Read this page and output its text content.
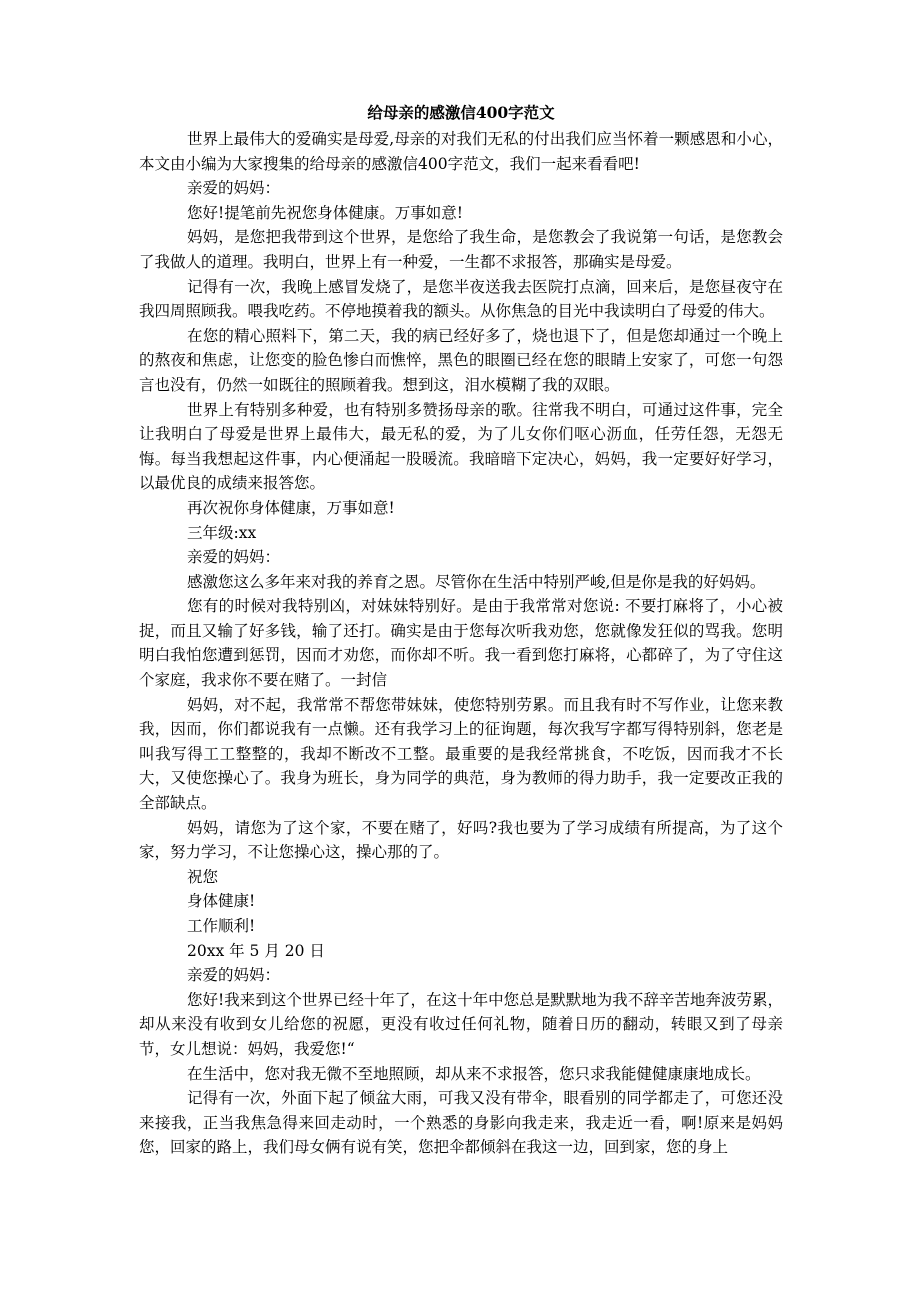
给母亲的感激信400字范文

世界上最伟大的爱确实是母爱,母亲的对我们无私的付出我们应当怀着一颗感恩和小心，本文由小编为大家搜集的给母亲的感激信400字范文，我们一起来看看吧!

亲爱的妈妈：

您好!提笔前先祝您身体健康。万事如意!

妈妈，是您把我带到这个世界，是您给了我生命，是您教会了我说第一句话，是您教会了我做人的道理。我明白，世界上有一种爱，一生都不求报答，那确实是母爱。

记得有一次，我晚上感冒发烧了，是您半夜送我去医院打点滴，回来后，是您昼夜守在我四周照顾我。喂我吃药。不停地摸着我的额头。从你焦急的目光中我读明白了母爱的伟大。

在您的精心照料下，第二天，我的病已经好多了，烧也退下了，但是您却通过一个晚上的熬夜和焦虑，让您变的脸色惨白而憔悴，黑色的眼圈已经在您的眼睛上安家了，可您一句怨言也没有，仍然一如既往的照顾着我。想到这，泪水模糊了我的双眼。

世界上有特别多种爱，也有特别多赞扬母亲的歌。往常我不明白，可通过这件事，完全让我明白了母爱是世界上最伟大，最无私的爱，为了儿女你们呕心沥血，任劳任怨，无怨无悔。每当我想起这件事，内心便涌起一股暖流。我暗暗下定决心，妈妈，我一定要好好学习，以最优良的成绩来报答您。

再次祝你身体健康，万事如意!

三年级:xx

亲爱的妈妈：

感激您这么多年来对我的养育之恩。尽管你在生活中特别严峻,但是你是我的好妈妈。

您有的时候对我特别凶，对妹妹特别好。是由于我常常对您说: 不要打麻将了，小心被捉，而且又输了好多钱，输了还打。确实是由于您每次听我劝您，您就像发狂似的骂我。您明明白我怕您遭到惩罚，因而才劝您，而你却不听。我一看到您打麻将，心都碎了，为了守住这个家庭，我求你不要在赌了。一封信

妈妈，对不起，我常常不帮您带妹妹，使您特别劳累。而且我有时不写作业，让您来教我，因而，你们都说我有一点懒。还有我学习上的征询题，每次我写字都写得特别斜，您老是叫我写得工工整整的，我却不断改不工整。最重要的是我经常挑食，不吃饭，因而我才不长大，又使您操心了。我身为班长，身为同学的典范，身为教师的得力助手，我一定要改正我的全部缺点。

妈妈，请您为了这个家，不要在赌了，好吗?我也要为了学习成绩有所提高，为了这个家，努力学习，不让您操心这，操心那的了。

祝您

身体健康!

工作顺利!

20xx 年 5 月 20 日

亲爱的妈妈：

您好!我来到这个世界已经十年了，在这十年中您总是默默地为我不辞辛苦地奔波劳累，却从来没有收到女儿给您的祝愿，更没有收过任何礼物，随着日历的翻动，转眼又到了母亲节，女儿想说：妈妈，我爱您!“

在生活中，您对我无微不至地照顾，却从来不求报答，您只求我能健健康康地成长。

记得有一次，外面下起了倾盆大雨，可我又没有带伞，眼看别的同学都走了，可您还没来接我，正当我焦急得来回走动时，一个熟悉的身影向我走来，我走近一看，啊!原来是妈妈您，回家的路上，我们母女俩有说有笑，您把伞都倾斜在我这一边，回到家，您的身上
